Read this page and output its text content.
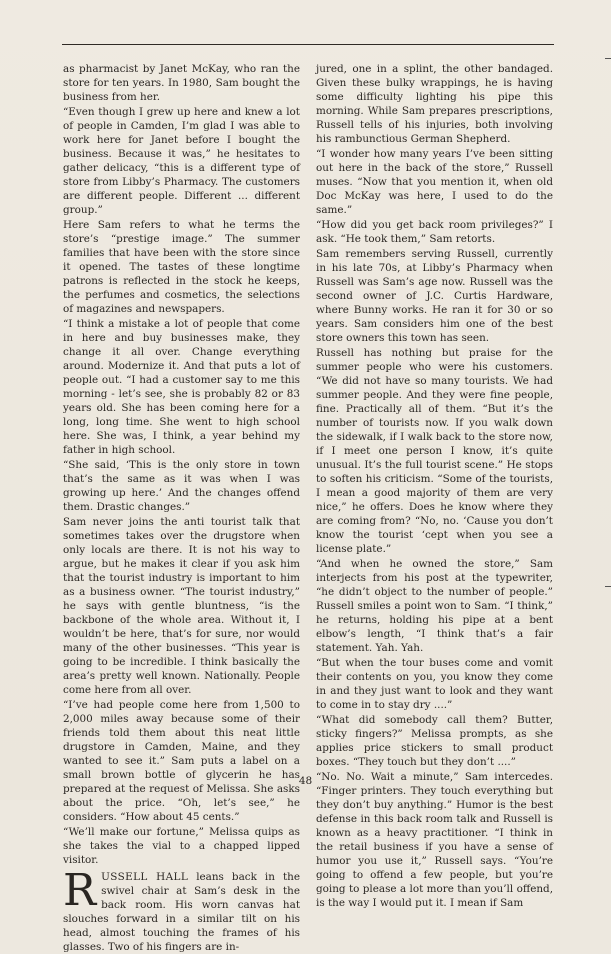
as pharmacist by Janet McKay, who ran the store for ten years. In 1980, Sam bought the business from her.

“Even though I grew up here and knew a lot of people in Camden, I’m glad I was able to work here for Janet before I bought the business. Because it was,” he hesitates to gather delicacy, “this is a different type of store from Libby’s Pharmacy. The customers are different people. Different ... different group.”

Here Sam refers to what he terms the store’s “prestige image.” The summer families that have been with the store since it opened. The tastes of these longtime patrons is reflected in the stock he keeps, the perfumes and cosmetics, the selections of magazines and newspapers.

“I think a mistake a lot of people that come in here and buy businesses make, they change it all over. Change everything around. Modernize it. And that puts a lot of people out. “I had a customer say to me this morning - let’s see, she is probably 82 or 83 years old. She has been coming here for a long, long time. She went to high school here. She was, I think, a year behind my father in high school.

“She said, ‘This is the only store in town that’s the same as it was when I was growing up here.’ And the changes offend them. Drastic changes.”

Sam never joins the anti tourist talk that sometimes takes over the drugstore when only locals are there. It is not his way to argue, but he makes it clear if you ask him that the tourist industry is important to him as a business owner. “The tourist industry,” he says with gentle bluntness, “is the backbone of the whole area. Without it, I wouldn’t be here, that’s for sure, nor would many of the other businesses. “This year is going to be incredible. I think basically the area’s pretty well known. Nationally. People come here from all over.

“I’ve had people come here from 1,500 to 2,000 miles away because some of their friends told them about this neat little drugstore in Camden, Maine, and they wanted to see it.” Sam puts a label on a small brown bottle of glycerin he has prepared at the request of Melissa. She asks about the price. “Oh, let’s see,” he considers. “How about 45 cents.”

“We’ll make our fortune,” Melissa quips as she takes the vial to a chapped lipped visitor.

RUSSELL HALL leans back in the swivel chair at Sam’s desk in the back room. His worn canvas hat slouches forward in a similar tilt on his head, almost touching the frames of his glasses. Two of his fingers are in-

jured, one in a splint, the other bandaged. Given these bulky wrappings, he is having some difficulty lighting his pipe this morning. While Sam prepares prescriptions, Russell tells of his injuries, both involving his rambunctious German Shepherd.

“I wonder how many years I’ve been sitting out here in the back of the store,” Russell muses. “Now that you mention it, when old Doc McKay was here, I used to do the same.”

“How did you get back room privileges?” I ask. “He took them,” Sam retorts.

Sam remembers serving Russell, currently in his late 70s, at Libby’s Pharmacy when Russell was Sam’s age now. Russell was the second owner of J.C. Curtis Hardware, where Bunny works. He ran it for 30 or so years. Sam considers him one of the best store owners this town has seen.

Russell has nothing but praise for the summer people who were his customers. “We did not have so many tourists. We had summer people. And they were fine people, fine. Practically all of them. “But it’s the number of tourists now. If you walk down the sidewalk, if I walk back to the store now, if I meet one person I know, it’s quite unusual. It’s the full tourist scene.” He stops to soften his criticism. “Some of the tourists, I mean a good majority of them are very nice,” he offers. Does he know where they are coming from? “No, no. ‘Cause you don’t know the tourist ‘cept when you see a license plate.”

“And when he owned the store,” Sam interjects from his post at the typewriter, “he didn’t object to the number of people.” Russell smiles a point won to Sam. “I think,” he returns, holding his pipe at a bent elbow’s length, “I think that’s a fair statement. Yah. Yah.

“But when the tour buses come and vomit their contents on you, you know they come in and they just want to look and they want to come in to stay dry ....”

“What did somebody call them? Butter, sticky fingers?” Melissa prompts, as she applies price stickers to small product boxes. “They touch but they don’t ....”

“No. No. Wait a minute,” Sam intercedes. “Finger printers. They touch everything but they don’t buy anything.” Humor is the best defense in this back room talk and Russell is known as a heavy practitioner. “I think in the retail business if you have a sense of humor you use it,” Russell says. “You’re going to offend a few people, but you’re going to please a lot more than you’ll offend, is the way I would put it. I mean if Sam

48
